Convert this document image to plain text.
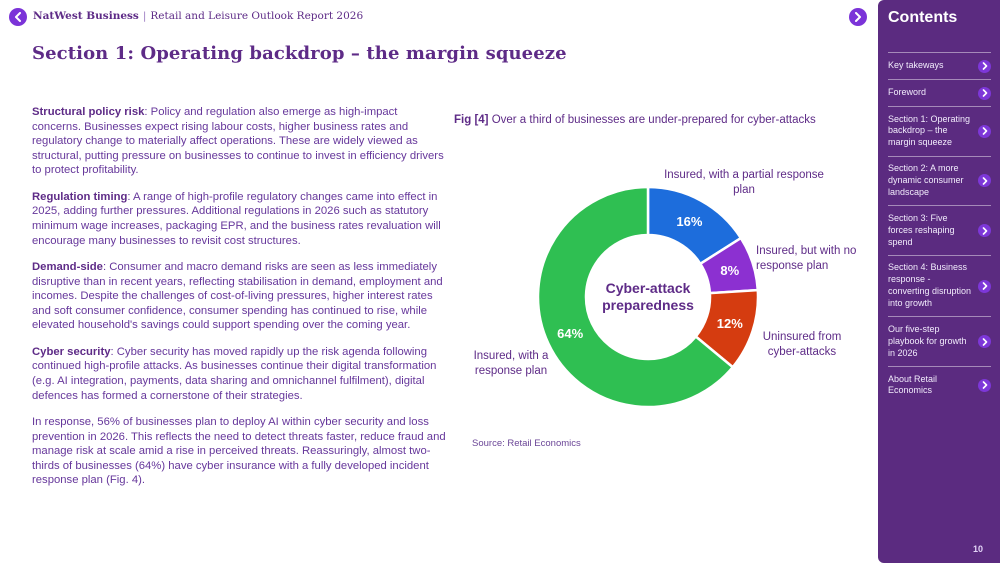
NatWest Business | Retail and Leisure Outlook Report 2026
Section 1: Operating backdrop – the margin squeeze

Structural policy risk: Policy and regulation also emerge as high-impact concerns. Businesses expect rising labour costs, higher business rates and regulatory change to materially affect operations. These are widely viewed as structural, putting pressure on businesses to continue to invest in efficiency drivers to protect profitability.

Regulation timing: A range of high-profile regulatory changes came into effect in 2025, adding further pressures. Additional regulations in 2026 such as statutory minimum wage increases, packaging EPR, and the business rates revaluation will encourage many businesses to revisit cost structures.

Demand-side: Consumer and macro demand risks are seen as less immediately disruptive than in recent years, reflecting stabilisation in demand, employment and incomes. Despite the challenges of cost-of-living pressures, higher interest rates and soft consumer confidence, consumer spending has continued to rise, while elevated household's savings could support spending over the coming year.

Cyber security: Cyber security has moved rapidly up the risk agenda following continued high-profile attacks. As businesses continue their digital transformation (e.g. AI integration, payments, data sharing and omnichannel fulfilment), digital defences has formed a cornerstone of their strategies.

In response, 56% of businesses plan to deploy AI within cyber security and loss prevention in 2026. This reflects the need to detect threats faster, reduce fraud and manage risk at scale amid a rise in perceived threats. Reassuringly, almost two-thirds of businesses (64%) have cyber insurance with a fully developed incident response plan (Fig. 4).

Fig [4] Over a third of businesses are under-prepared for cyber-attacks
16%
8%
12%
64%
Cyber-attack preparedness
Insured, with a partial response plan
Insured, but with no response plan
Uninsured from cyber-attacks
Insured, with a response plan
Source: Retail Economics
Contents
Key takeways
Foreword
Section 1: Operating backdrop – the margin squeeze
Section 2: A more dynamic consumer landscape
Section 3: Five forces reshaping spend
Section 4: Business response - converting disruption into growth
Our five-step playbook for growth in 2026
About Retail Economics
10
